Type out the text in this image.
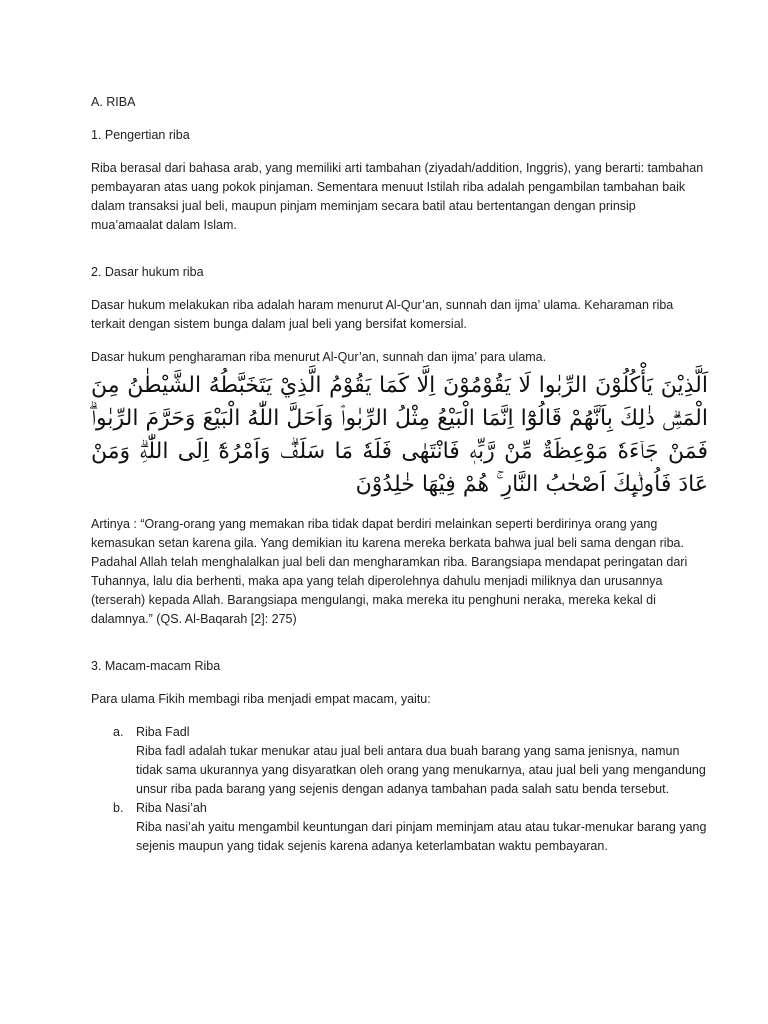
A. RIBA

1. Pengertian riba

Riba berasal dari bahasa arab, yang memiliki arti tambahan (ziyadah/addition, Inggris), yang berarti: tambahan pembayaran atas uang pokok pinjaman. Sementara menuut Istilah riba adalah pengambilan tambahan baik dalam transaksi jual beli, maupun pinjam meminjam secara batil atau bertentangan dengan prinsip mua’amaalat dalam Islam.

2. Dasar hukum riba

Dasar hukum melakukan riba adalah haram menurut Al-Qur’an, sunnah dan ijma’ ulama. Keharaman riba terkait dengan sistem bunga dalam jual beli yang bersifat komersial.

Dasar hukum pengharaman riba menurut Al-Qur’an, sunnah dan ijma’ para ulama.

اَلَّذِيْنَ يَأْكُلُوْنَ الرِّبٰوا لَا يَقُوْمُوْنَ اِلَّا كَمَا يَقُوْمُ الَّذِيْ يَتَخَبَّطُهُ الشَّيْطٰنُ مِنَ الْمَسِّۗ ذٰلِكَ بِاَنَّهُمْ قَالُوْٓا اِنَّمَا الْبَيْعُ مِثْلُ الرِّبٰواۘ وَاَحَلَّ اللّٰهُ الْبَيْعَ وَحَرَّمَ الرِّبٰواۗ فَمَنْ جَاۤءَهٗ مَوْعِظَةٌ مِّنْ رَّبِّهٖ فَانْتَهٰى فَلَهٗ مَا سَلَفَۗ وَاَمْرُهٗٓ اِلَى اللّٰهِۗ وَمَنْ عَادَ فَاُولٰۤىِٕكَ اَصْحٰبُ النَّارِ ۚ هُمْ فِيْهَا خٰلِدُوْنَ

Artinya : “Orang-orang yang memakan riba tidak dapat berdiri melainkan seperti berdirinya orang yang kemasukan setan karena gila. Yang demikian itu karena mereka berkata bahwa jual beli sama dengan riba. Padahal Allah telah menghalalkan jual beli dan mengharamkan riba. Barangsiapa mendapat peringatan dari Tuhannya, lalu dia berhenti, maka apa yang telah diperolehnya dahulu menjadi miliknya dan urusannya (terserah) kepada Allah. Barangsiapa mengulangi, maka mereka itu penghuni neraka, mereka kekal di dalamnya.” (QS. Al-Baqarah [2]: 275)

3. Macam-macam Riba

Para ulama Fikih membagi riba menjadi empat macam, yaitu:

a.	Riba Fadl

Riba fadl adalah tukar menukar atau jual beli antara dua buah barang yang sama jenisnya, namun tidak sama ukurannya yang disyaratkan oleh orang yang menukarnya, atau jual beli yang mengandung unsur riba pada barang yang sejenis dengan adanya tambahan pada salah satu benda tersebut.

b.	Riba Nasi’ah

Riba nasi’ah yaitu mengambil keuntungan dari pinjam meminjam atau atau tukar-menukar barang yang sejenis maupun yang tidak sejenis karena adanya keterlambatan waktu pembayaran.
